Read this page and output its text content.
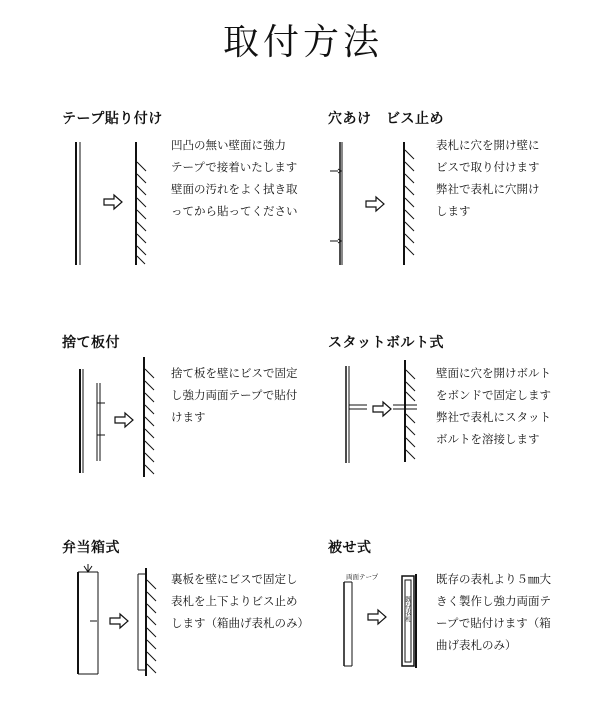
取付方法
テープ貼り付け
凹凸の無い壁面に強力
テープで接着いたします
壁面の汚れをよく拭き取
ってから貼ってください
穴あけ　ビス止め
表札に穴を開け壁に
ビスで取り付けます
弊社で表札に穴開け
します
捨て板付
捨て板を壁にビスで固定
し強力両面テープで貼付
けます
スタットボルト式
壁面に穴を開けボルト
をボンドで固定します
弊社で表札にスタット
ボルトを溶接します
弁当箱式
裏板を壁にビスで固定し
表札を上下よりビス止め
します（箱曲げ表札のみ）
被せ式
両面テープ
既存表札
既存の表札より５㎜大
きく製作し強力両面テ
ープで貼付けます（箱
曲げ表札のみ）
